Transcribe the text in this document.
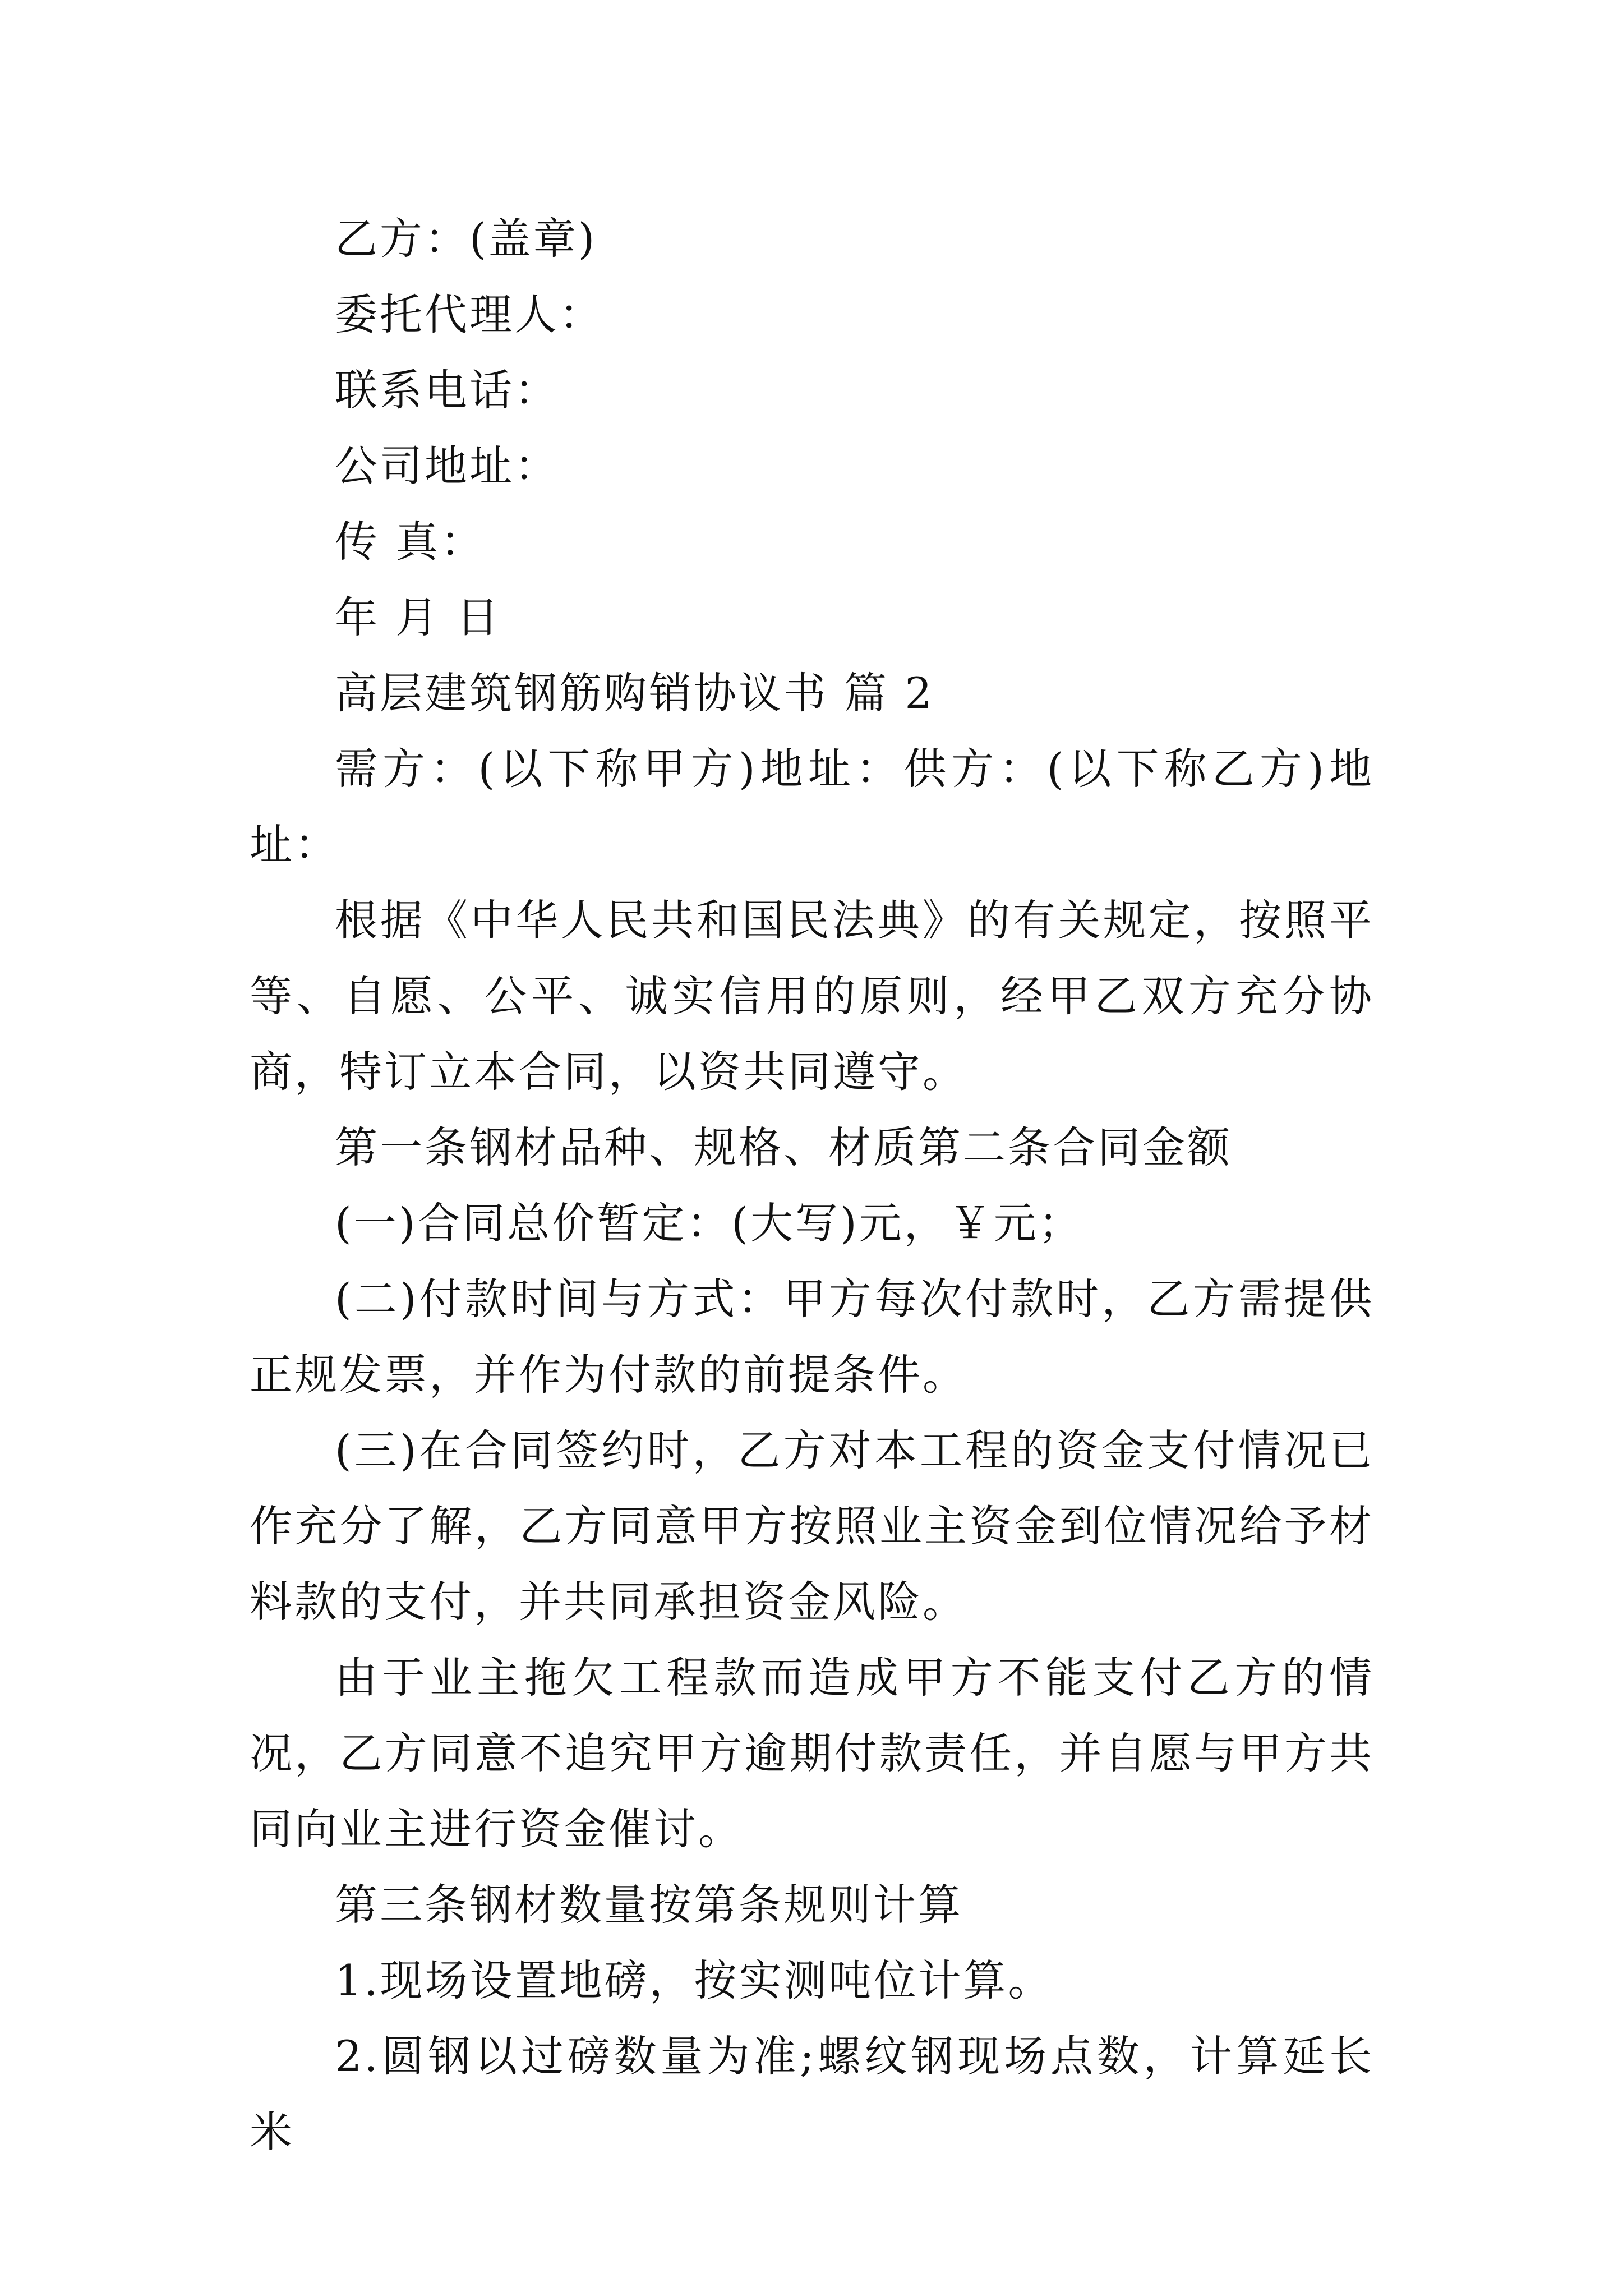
乙方：(盖章)

委托代理人：

联系电话：

公司地址：

传 真：

年 月 日

高层建筑钢筋购销协议书 篇 2

需方：(以下称甲方)地址：供方：(以下称乙方)地址：

根据《中华人民共和国民法典》的有关规定，按照平等、自愿、公平、诚实信用的原则，经甲乙双方充分协商，特订立本合同，以资共同遵守。

第一条钢材品种、规格、材质第二条合同金额

(一)合同总价暂定：(大写)元，￥元；

(二)付款时间与方式：甲方每次付款时，乙方需提供正规发票，并作为付款的前提条件。

(三)在合同签约时，乙方对本工程的资金支付情况已作充分了解，乙方同意甲方按照业主资金到位情况给予材料款的支付，并共同承担资金风险。

由于业主拖欠工程款而造成甲方不能支付乙方的情况，乙方同意不追究甲方逾期付款责任，并自愿与甲方共同向业主进行资金催讨。

第三条钢材数量按第条规则计算

1.现场设置地磅，按实测吨位计算。

2.圆钢以过磅数量为准;螺纹钢现场点数，计算延长米
